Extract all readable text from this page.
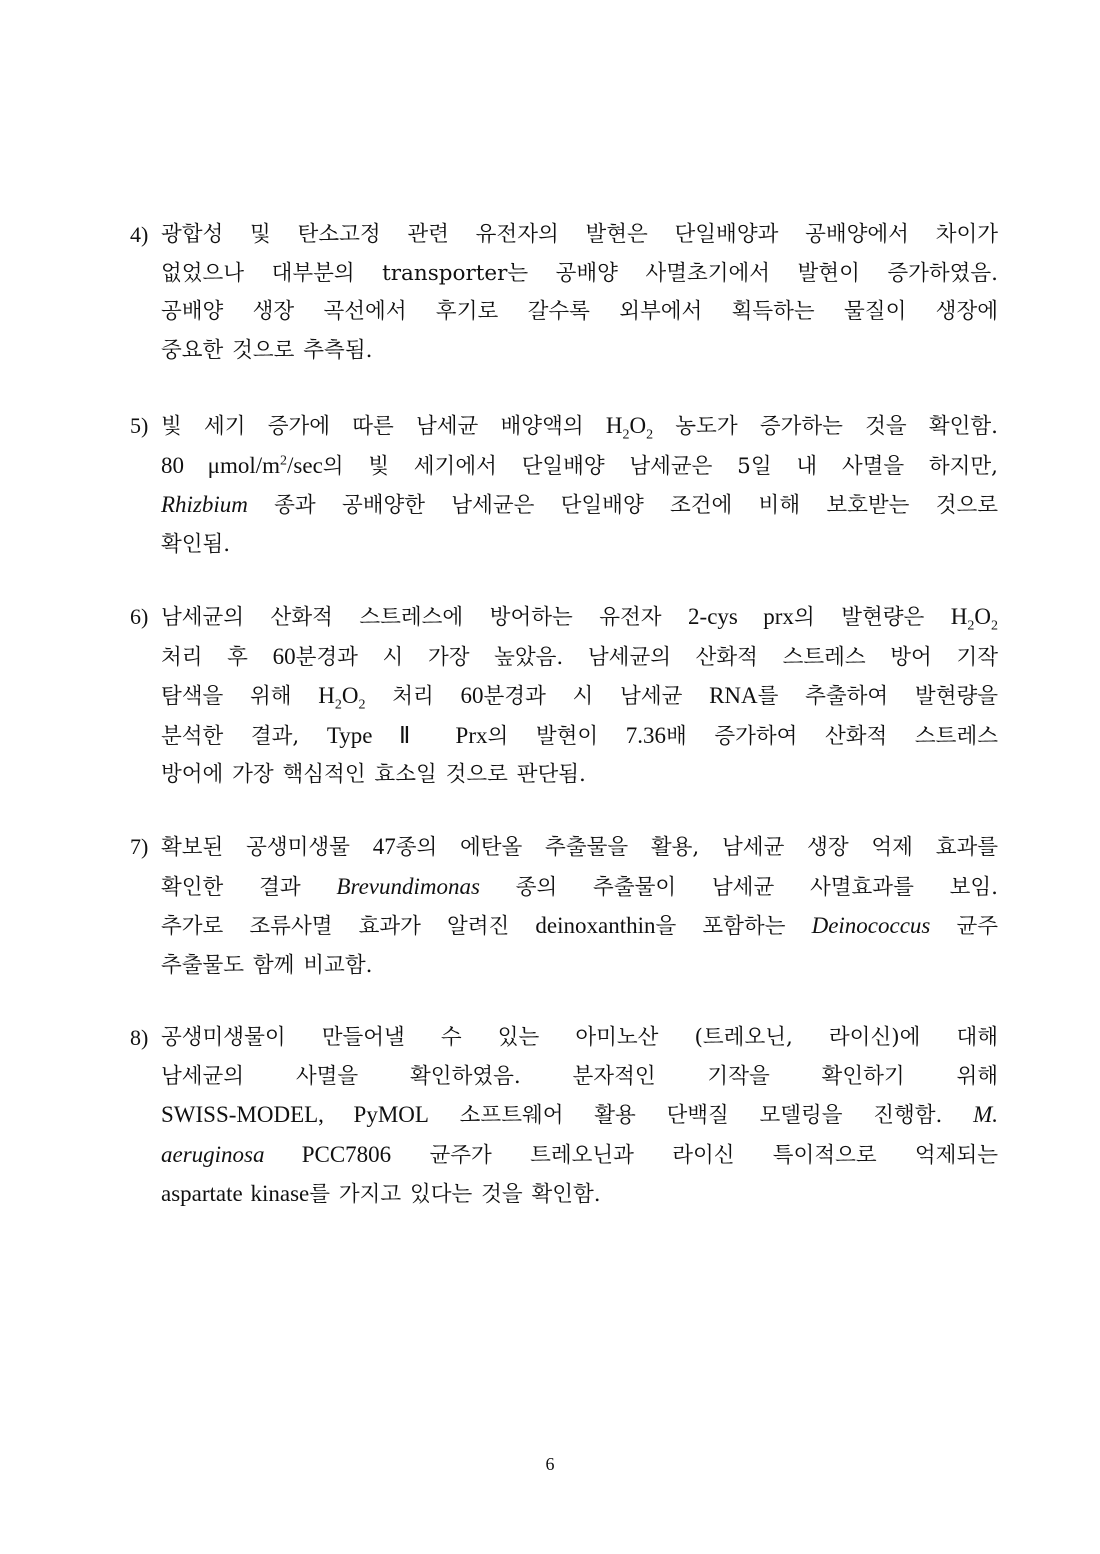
4) 광합성 및 탄소고정 관련 유전자의 발현은 단일배양과 공배양에서 차이가
없었으나 대부분의 transporter는 공배양 사멸초기에서 발현이 증가하였음.
공배양 생장 곡선에서 후기로 갈수록 외부에서 획득하는 물질이 생장에
중요한 것으로 추측됨.
5) 빛 세기 증가에 따른 남세균 배양액의 $H_2O_2$ 농도가 증가하는 것을 확인함.
80 μmol/$m^2/\sec$의 빛 세기에서 단일배양 남세균은 5일 내 사멸을 하지만,
Rhizbium 종과 공배양한 남세균은 단일배양 조건에 비해 보호받는 것으로
확인됨.
6) 남세균의 산화적 스트레스에 방어하는 유전자 2-cys prx의 발현량은 $H_2O_2$
처리 후 60분경과 시 가장 높았음. 남세균의 산화적 스트레스 방어 기작
탐색을 위해 $H_2O_2$ 처리 60분경과 시 남세균 RNA를 추출하여 발현량을
분석한 결과, Type Ⅱ Prx의 발현이 7.36배 증가하여 산화적 스트레스
방어에 가장 핵심적인 효소일 것으로 판단됨.
7) 확보된 공생미생물 47종의 에탄올 추출물을 활용, 남세균 생장 억제 효과를
확인한 결과 Brevundimonas 종의 추출물이 남세균 사멸효과를 보임.
추가로 조류사멸 효과가 알려진 deinoxanthin을 포함하는 Deinococcus 균주
추출물도 함께 비교함.
8) 공생미생물이 만들어낼 수 있는 아미노산 (트레오닌, 라이신)에 대해
남세균의 사멸을 확인하였음. 분자적인 기작을 확인하기 위해
SWISS-MODEL, PyMOL 소프트웨어 활용 단백질 모델링을 진행함. M.
aeruginosa PCC7806 균주가 트레오닌과 라이신 특이적으로 억제되는
aspartate kinase를 가지고 있다는 것을 확인함.
6
